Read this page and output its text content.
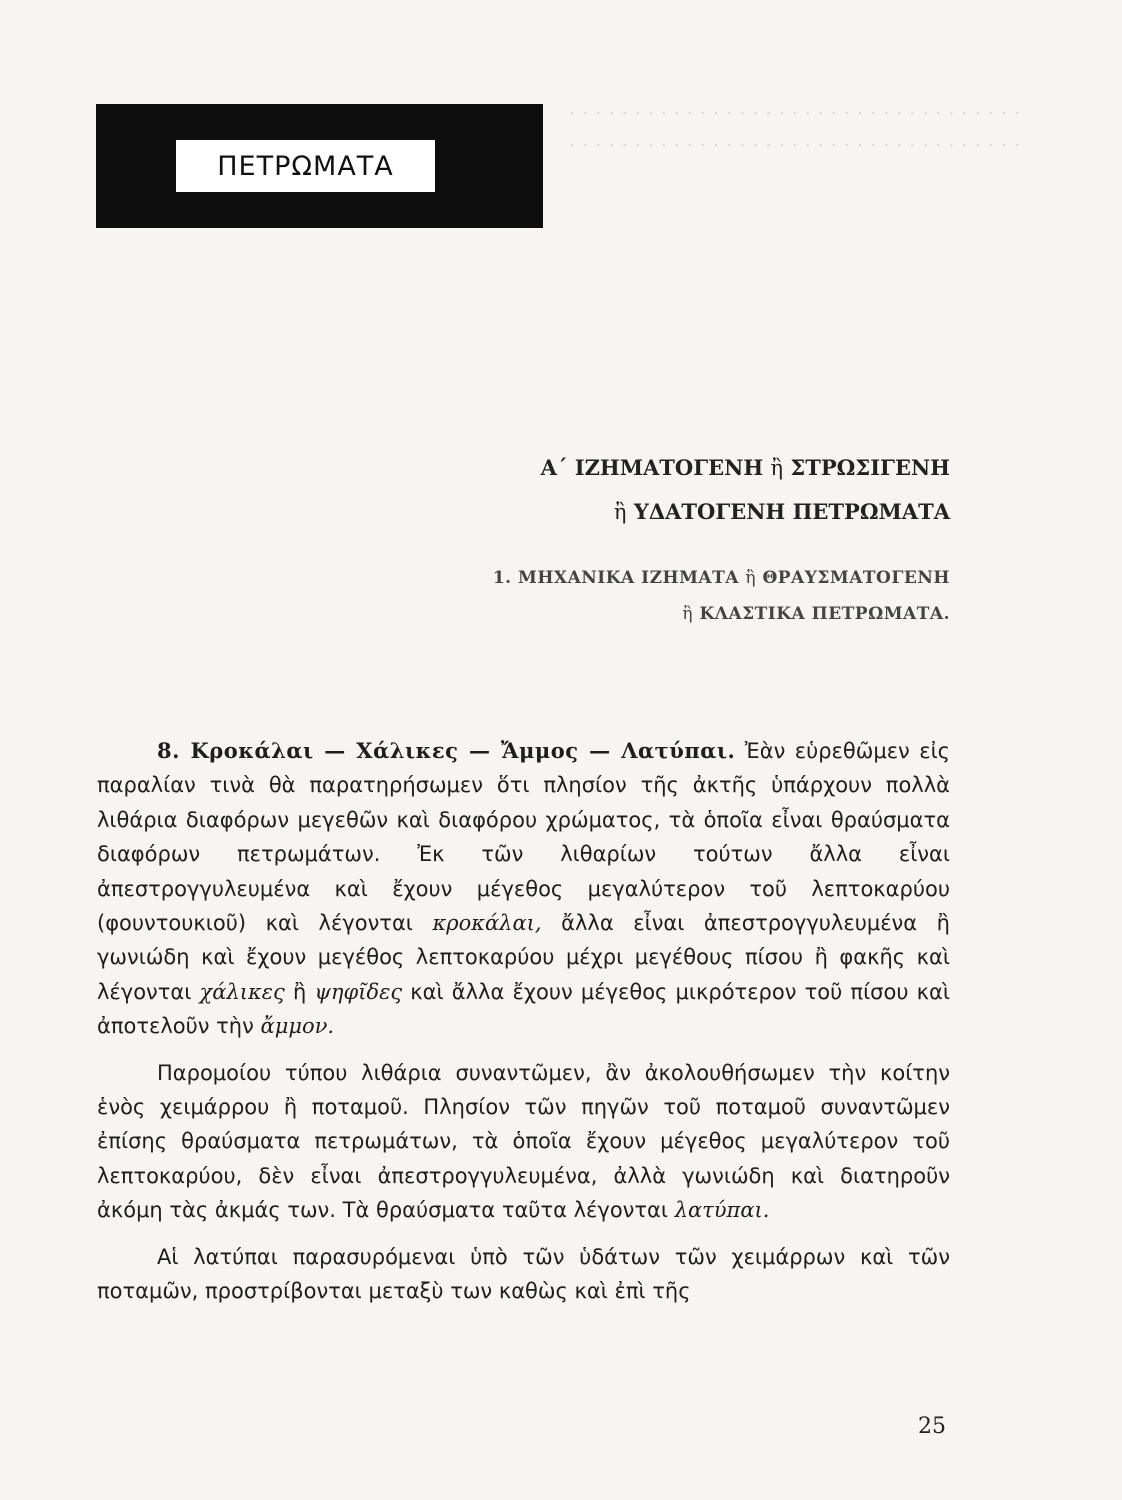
. . . . . . . . . . . . . . . . . . . . . . . . . . . . . . . . . . .

. . . . . . . . . . . . . . . . . . . . . . . . . . . . . . . . . . .

ΠΕΤΡΩΜΑΤΑ
Α΄ ΙΖΗΜΑΤΟΓΕΝΗ ἢ ΣΤΡΩΣΙΓΕΝΗ
ἢ ΥΔΑΤΟΓΕΝΗ ΠΕΤΡΩΜΑΤΑ
1. ΜΗΧΑΝΙΚΑ ΙΖΗΜΑΤΑ ἢ ΘΡΑΥΣΜΑΤΟΓΕΝΗ
ἢ ΚΛΑΣΤΙΚΑ ΠΕΤΡΩΜΑΤΑ.

8. Κροκάλαι — Χάλικες — Ἄμμος — Λατύπαι. Ἐὰν εὑρεθῶμεν εἰς παραλίαν τινὰ θὰ παρατηρήσωμεν ὅτι πλησίον τῆς ἀκτῆς ὑπάρχουν πολλὰ λιθάρια διαφόρων μεγεθῶν καὶ διαφόρου χρώματος, τὰ ὁποῖα εἶναι θραύσματα διαφόρων πετρωμάτων. Ἐκ τῶν λιθαρίων τούτων ἄλλα εἶναι ἀπεστρογγυλευμένα καὶ ἔχουν μέγεθος μεγαλύτερον τοῦ λεπτοκαρύου (φουντουκιοῦ) καὶ λέγονται κροκάλαι, ἄλλα εἶναι ἀπεστρογγυλευμένα ἢ γωνιώδη καὶ ἔχουν μεγέθος λεπτοκαρύου μέχρι μεγέθους πίσου ἢ φακῆς καὶ λέγονται χάλικες ἢ ψηφῖδες καὶ ἄλλα ἔχουν μέγεθος μικρότερον τοῦ πίσου καὶ ἀποτελοῦν τὴν ἄμμον.

Παρομοίου τύπου λιθάρια συναντῶμεν, ἂν ἀκολουθήσωμεν τὴν κοίτην ἑνὸς χειμάρρου ἢ ποταμοῦ. Πλησίον τῶν πηγῶν τοῦ ποταμοῦ συναντῶμεν ἐπίσης θραύσματα πετρωμάτων, τὰ ὁποῖα ἔχουν μέγεθος μεγαλύτερον τοῦ λεπτοκαρύου, δὲν εἶναι ἀπεστρογγυλευμένα, ἀλλὰ γωνιώδη καὶ διατηροῦν ἀκόμη τὰς ἀκμάς των. Τὰ θραύσματα ταῦτα λέγονται λατύπαι.

Αἱ λατύπαι παρασυρόμεναι ὑπὸ τῶν ὑδάτων τῶν χειμάρρων καὶ τῶν ποταμῶν, προστρίβονται μεταξὺ των καθὼς καὶ ἐπὶ τῆς

25
